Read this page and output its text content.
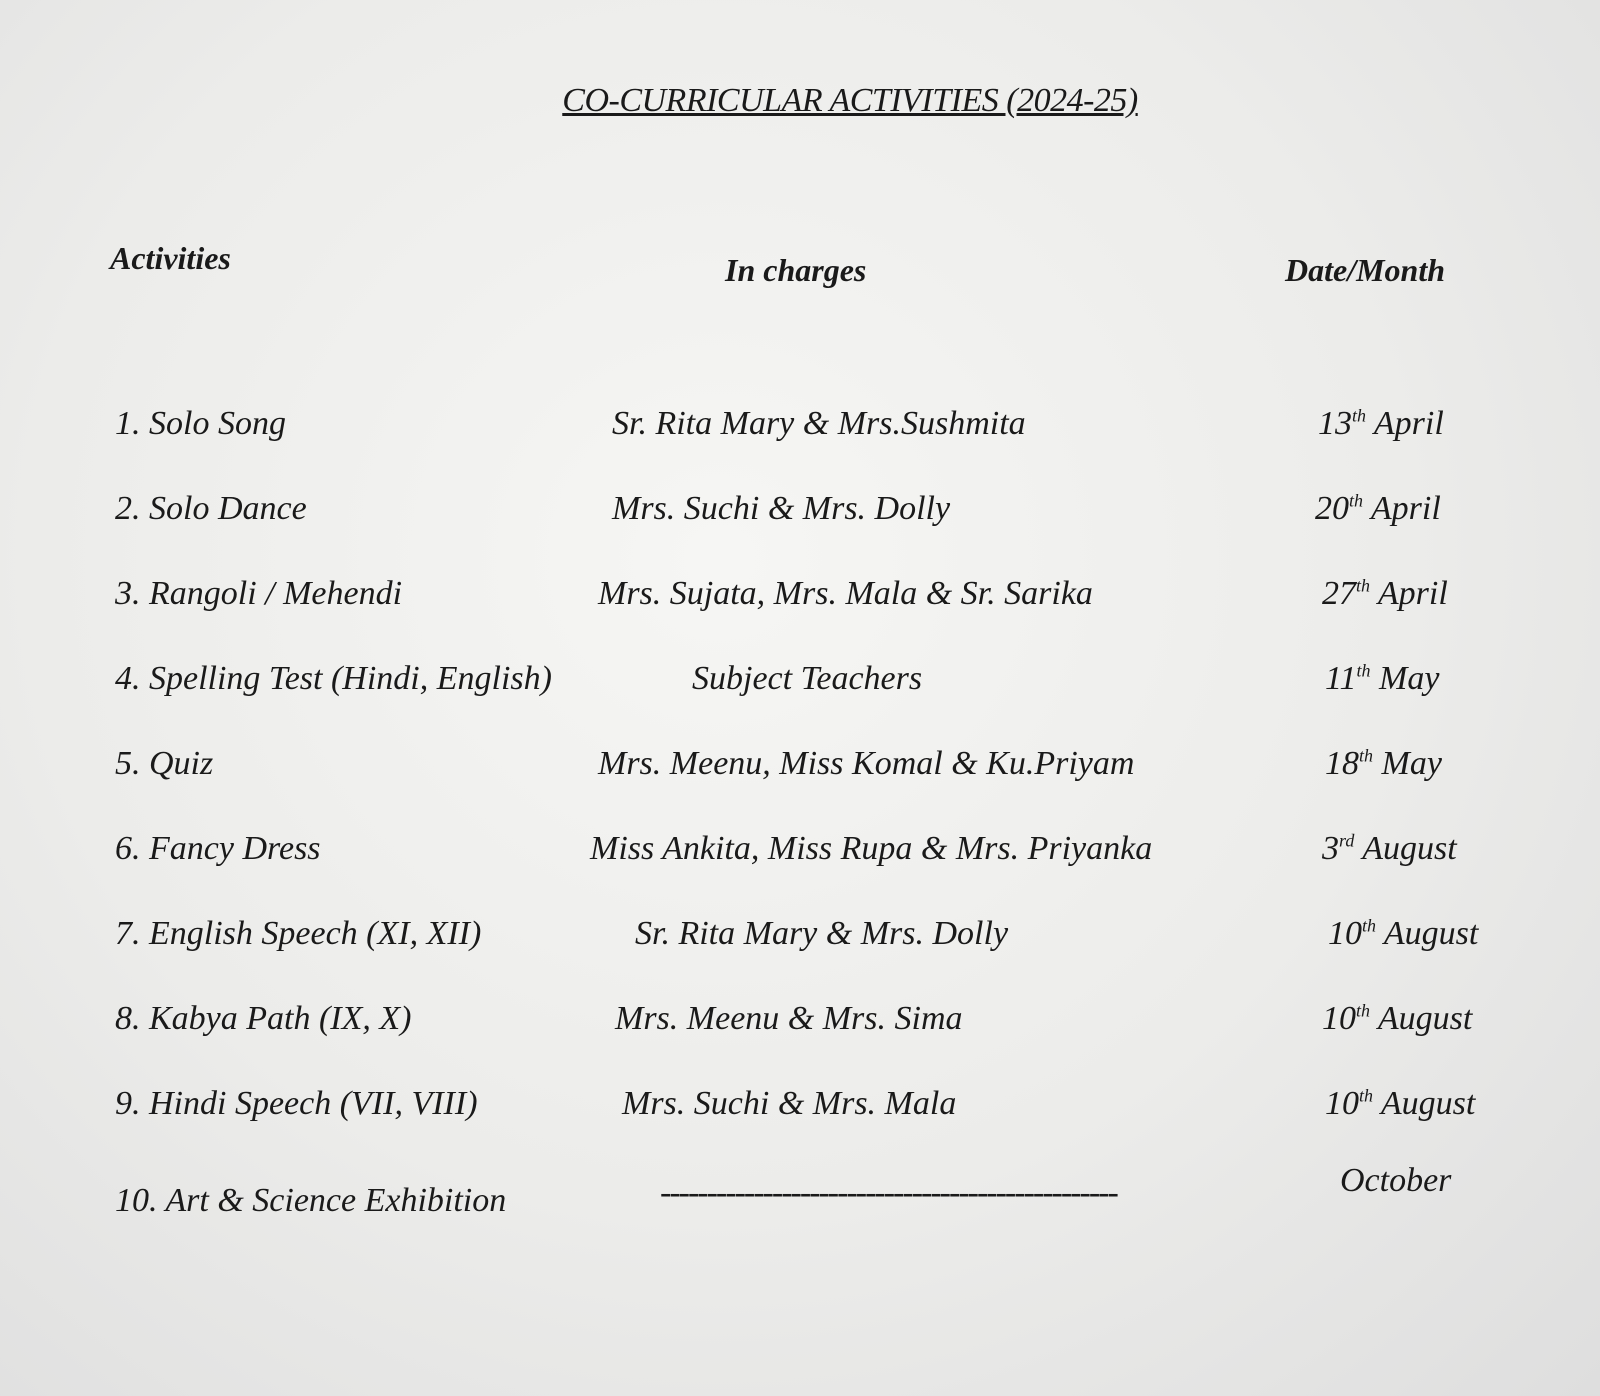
CO-CURRICULAR ACTIVITIES (2024-25)
Activities	In charges	Date/Month
1. Solo Song	Sr. Rita Mary & Mrs.Sushmita	13th April
2. Solo Dance	Mrs. Suchi & Mrs. Dolly	20th April
3. Rangoli / Mehendi	Mrs. Sujata, Mrs. Mala & Sr. Sarika	27th April
4. Spelling Test (Hindi, English)	Subject Teachers	11th May
5. Quiz	Mrs. Meenu, Miss Komal & Ku.Priyam	18th May
6. Fancy Dress	Miss Ankita, Miss Rupa & Mrs. Priyanka	3rd August
7. English Speech (XI, XII)	Sr. Rita Mary & Mrs. Dolly	10th August
8. Kabya Path (IX, X)	Mrs. Meenu & Mrs. Sima	10th August
9. Hindi Speech (VII, VIII)	Mrs. Suchi & Mrs. Mala	10th August
10. Art & Science Exhibition	-------------------------------------------------	October
